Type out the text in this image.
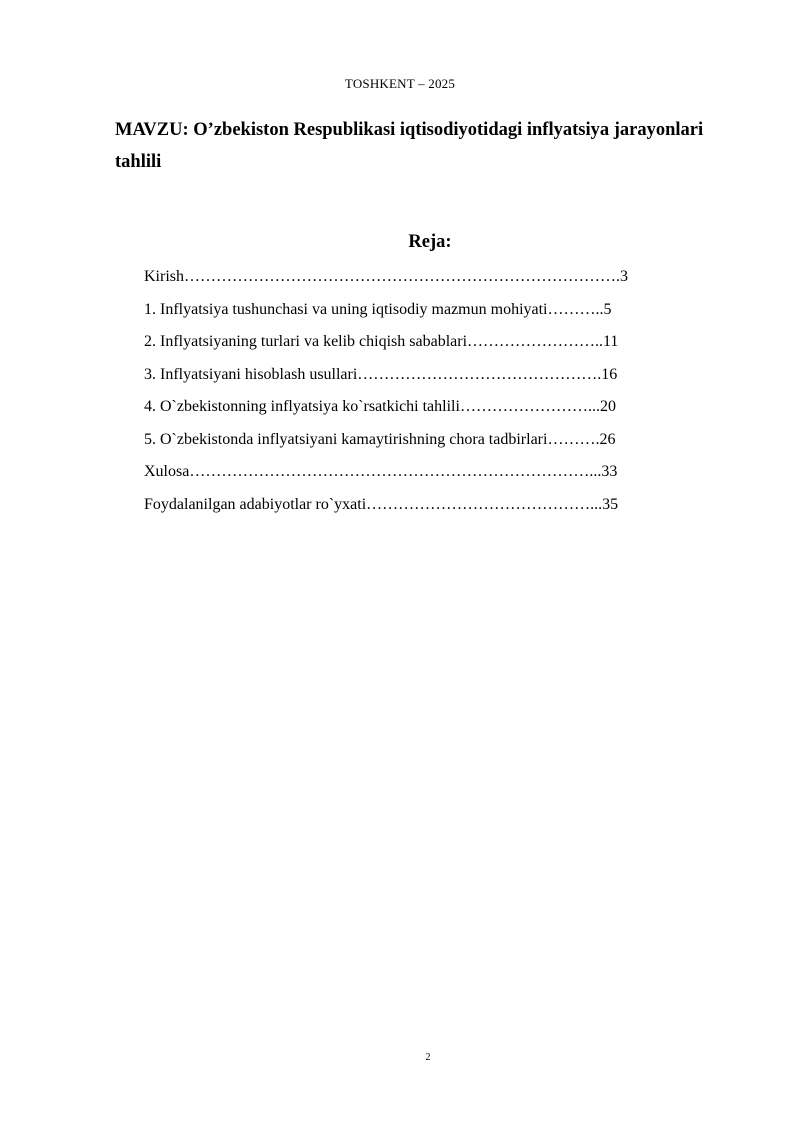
TOSHKENT – 2025

MAVZU: O’zbekiston Respublikasi iqtisodiyotidagi inflyatsiya jarayonlari tahlili

Reja:

Kirish……………………………………………………………………….3
1. Inflyatsiya tushunchasi va uning iqtisodiy mazmun mohiyati………..5
2. Inflyatsiyaning turlari va kelib chiqish sabablari……………………..11
3. Inflyatsiyani hisoblash usullari……………………………………….16
4. O`zbekistonning inflyatsiya ko`rsatkichi tahlili……………………...20
5. O`zbekistonda inflyatsiyani kamaytirishning chora tadbirlari……….26
Xulosa…………………………………………………………………...33
Foydalanilgan adabiyotlar ro`yxati……………………………………...35
2
